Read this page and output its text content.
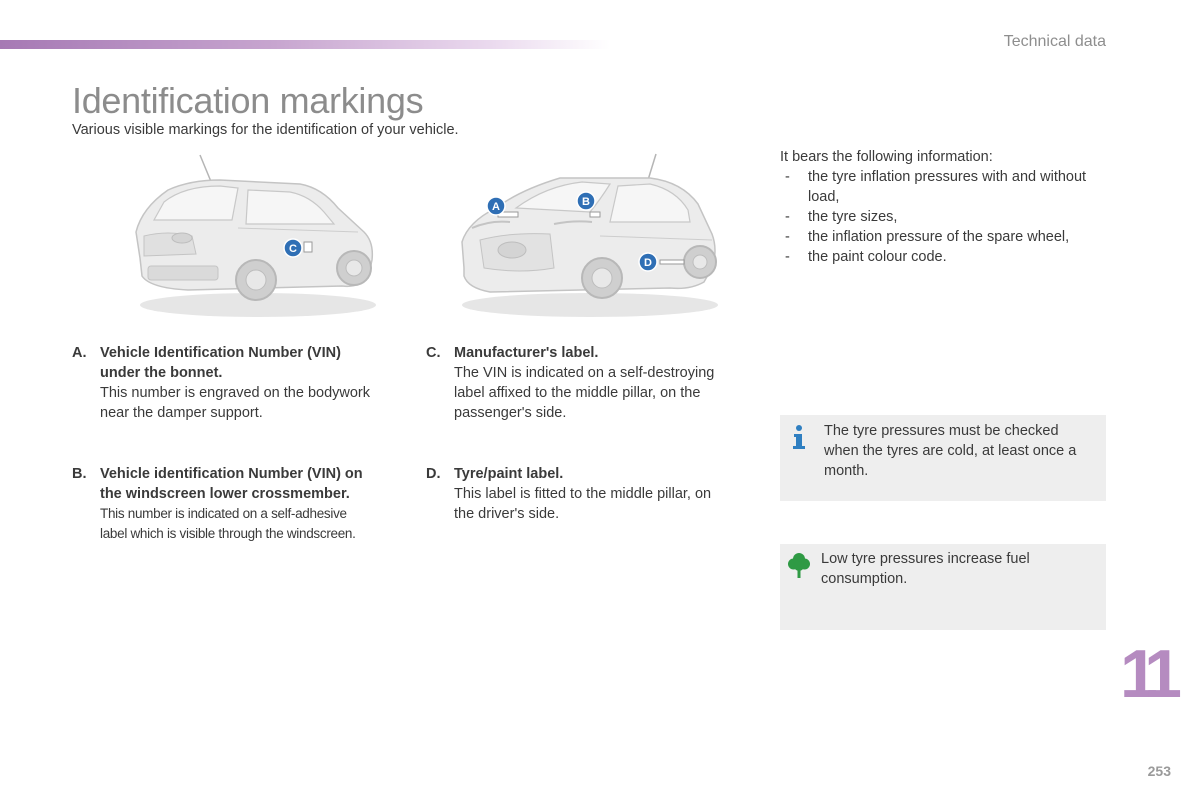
Technical data
Identification markings
Various visible markings for the identification of your vehicle.
C
A	B
D
A. Vehicle Identification Number (VIN)
under the bonnet.
This number is engraved on the bodywork
near the damper support.
B. Vehicle identification Number (VIN) on
the windscreen lower crossmember.
This number is indicated on a self-adhesive
label which is visible through the windscreen.
C. Manufacturer's label.
The VIN is indicated on a self-destroying
label affixed to the middle pillar, on the
passenger's side.
D. Tyre/paint label.
This label is fitted to the middle pillar, on
the driver's side.
It bears the following information:
- the tyre inflation pressures with and without load,
- the tyre sizes,
- the inflation pressure of the spare wheel,
- the paint colour code.
The tyre pressures must be checked when the tyres are cold, at least once a month.
Low tyre pressures increase fuel consumption.
11
253
